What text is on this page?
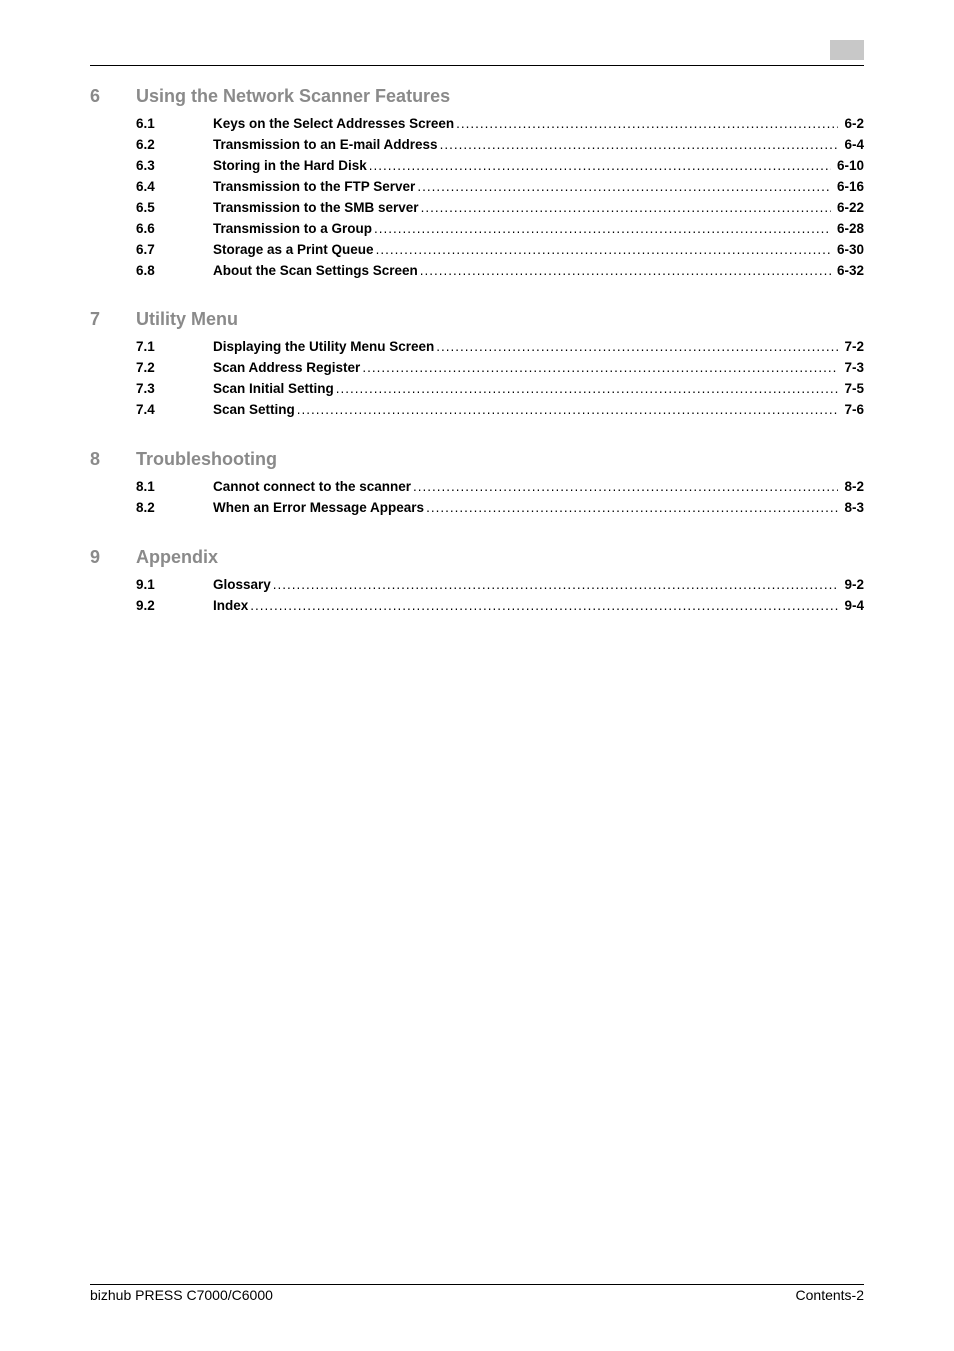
6	Using the Network Scanner Features
6.1	Keys on the Select Addresses Screen .....	6-2
6.2	Transmission to an E-mail Address .....	6-4
6.3	Storing in the Hard Disk .....	6-10
6.4	Transmission to the FTP Server .....	6-16
6.5	Transmission to the SMB server .....	6-22
6.6	Transmission to a Group .....	6-28
6.7	Storage as a Print Queue .....	6-30
6.8	About the Scan Settings Screen .....	6-32
7	Utility Menu
7.1	Displaying the Utility Menu Screen .....	7-2
7.2	Scan Address Register .....	7-3
7.3	Scan Initial Setting .....	7-5
7.4	Scan Setting .....	7-6
8	Troubleshooting
8.1	Cannot connect to the scanner .....	8-2
8.2	When an Error Message Appears .....	8-3
9	Appendix
9.1	Glossary .....	9-2
9.2	Index .....	9-4
bizhub PRESS C7000/C6000	Contents-2
